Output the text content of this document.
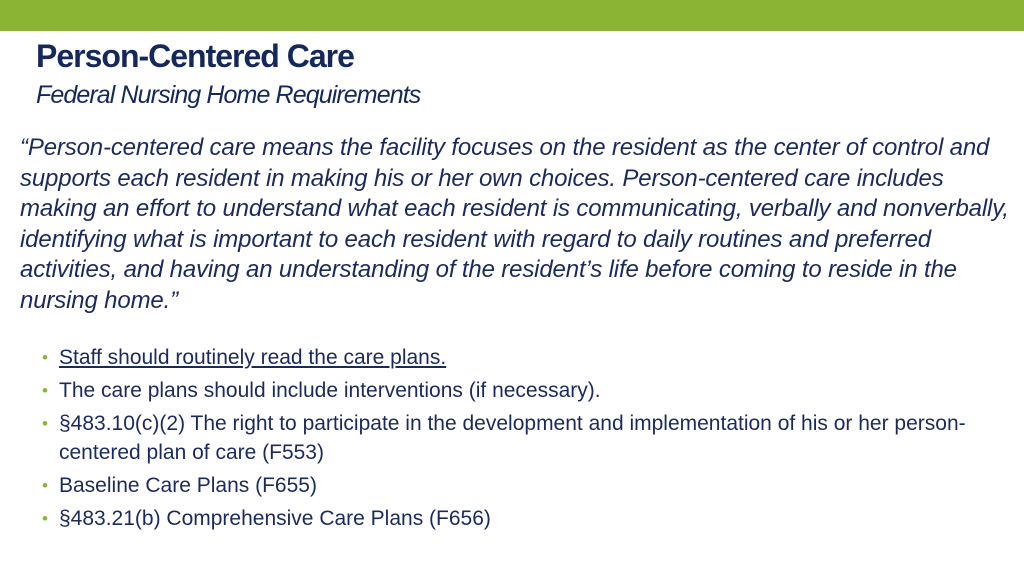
Person-Centered Care
Federal Nursing Home Requirements

“Person-centered care means the facility focuses on the resident as the center of control and supports each resident in making his or her own choices. Person-centered care includes making an effort to understand what each resident is communicating, verbally and nonverbally, identifying what is important to each resident with regard to daily routines and preferred activities, and having an understanding of the resident’s life before coming to reside in the nursing home.”

• Staff should routinely read the care plans.
• The care plans should include interventions (if necessary).
• §483.10(c)(2) The right to participate in the development and implementation of his or her person-centered plan of care (F553)
• Baseline Care Plans (F655)
• §483.21(b) Comprehensive Care Plans (F656)
